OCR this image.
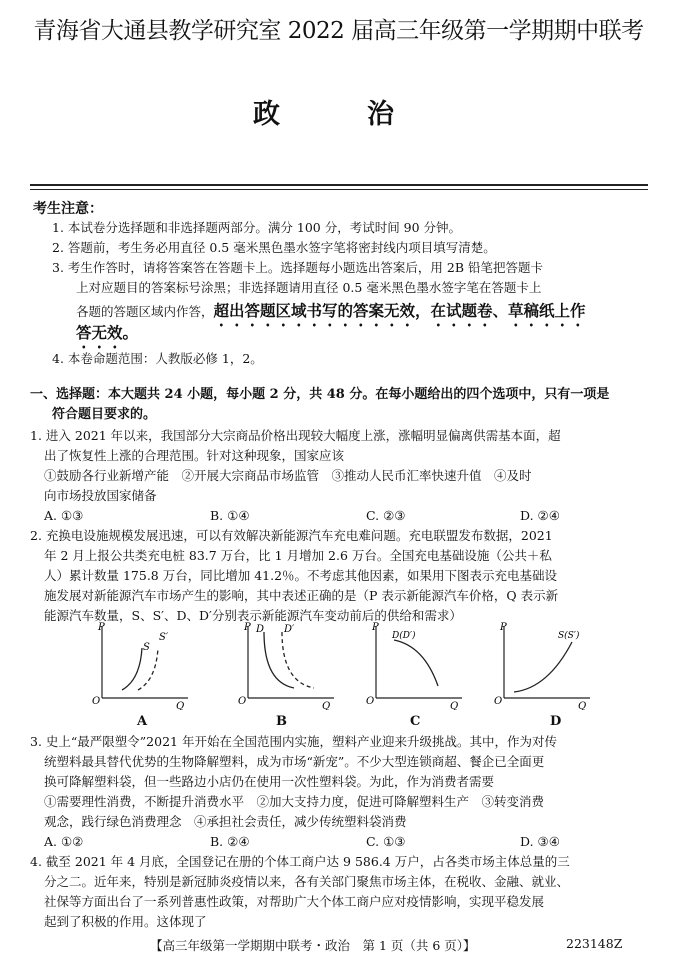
青海省大通县教学研究室 2022 届高三年级第一学期期中联考
政　治
考生注意：
1. 本试卷分选择题和非选择题两部分。满分 100 分，考试时间 90 分钟。
2. 答题前，考生务必用直径 0.5 毫米黑色墨水签字笔将密封线内项目填写清楚。
3. 考生作答时，请将答案答在答题卡上。选择题每小题选出答案后，用 2B 铅笔把答题卡
上对应题目的答案标号涂黑；非选择题请用直径 0.5 毫米黑色墨水签字笔在答题卡上
各题的答题区域内作答，超出答题区域书写的答案无效，在试题卷、草稿纸上作
答无效。
4. 本卷命题范围：人教版必修 1，2。
一、选择题：本大题共 24 小题，每小题 2 分，共 48 分。在每小题给出的四个选项中，只有一项是
符合题目要求的。
1. 进入 2021 年以来，我国部分大宗商品价格出现较大幅度上涨，涨幅明显偏离供需基本面，超
出了恢复性上涨的合理范围。针对这种现象，国家应该
①鼓励各行业新增产能　②开展大宗商品市场监管　③推动人民币汇率快速升值　④及时
向市场投放国家储备
A. ①③	B. ①④	C. ②③	D. ②④
2. 充换电设施规模发展迅速，可以有效解决新能源汽车充电难问题。充电联盟发布数据，2021
年 2 月上报公共类充电桩 83.7 万台，比 1 月增加 2.6 万台。全国充电基础设施（公共＋私
人）累计数量 175.8 万台，同比增加 41.2％。不考虑其他因素，如果用下图表示充电基础设
施发展对新能源汽车市场产生的影响，其中表述正确的是（P 表示新能源汽车价格，Q 表示新
能源汽车数量，S、S′、D、D′分别表示新能源汽车变动前后的供给和需求）
P
O	Q
S
S′
P
O	Q
D D′	P
O	Q
D(D′)
P
O	Q
S(S′)
A	B	C	D
3. 史上“最严限塑令”2021 年开始在全国范围内实施，塑料产业迎来升级挑战。其中，作为对传
统塑料最具替代优势的生物降解塑料，成为市场“新宠”。不少大型连锁商超、餐企已全面更
换可降解塑料袋，但一些路边小店仍在使用一次性塑料袋。为此，作为消费者需要
①需要理性消费，不断提升消费水平　②加大支持力度，促进可降解塑料生产　③转变消费
观念，践行绿色消费理念　④承担社会责任，减少传统塑料袋消费
A. ①②	B. ②④	C. ①③	D. ③④
4. 截至 2021 年 4 月底，全国登记在册的个体工商户达 9 586.4 万户，占各类市场主体总量的三
分之二。近年来，特别是新冠肺炎疫情以来，各有关部门聚焦市场主体，在税收、金融、就业、
社保等方面出台了一系列普惠性政策，对帮助广大个体工商户应对疫情影响，实现平稳发展
起到了积极的作用。这体现了
【高三年级第一学期期中联考・政治　第 1 页（共 6 页）】	223148Z
